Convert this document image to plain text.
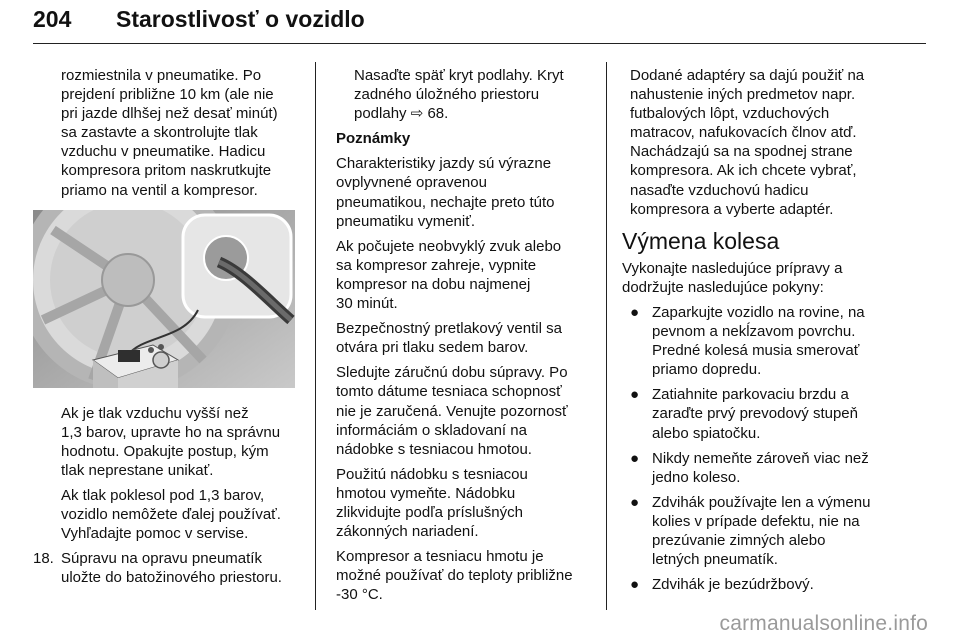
204 Starostlivosť o vozidlo

rozmiestnila v pneumatike. Po
prejdení približne 10 km (ale nie
pri jazde dlhšej než desať minút)
sa zastavte a skontrolujte tlak
vzduchu v pneumatike. Hadicu
kompresora pritom naskrutkujte
priamo na ventil a kompresor.

Ak je tlak vzduchu vyšší než
1,3 barov, upravte ho na správnu
hodnotu. Opakujte postup, kým
tlak neprestane unikať.

Ak tlak poklesol pod 1,3 barov,
vozidlo nemôžete ďalej používať.
Vyhľadajte pomoc v servise.

18. Súpravu na opravu pneumatík
uložte do batožinového priestoru.

Nasaďte späť kryt podlahy. Kryt
zadného úložného priestoru
podlahy ⇨ 68.

Poznámky

Charakteristiky jazdy sú výrazne
ovplyvnené opravenou
pneumatikou, nechajte preto túto
pneumatiku vymeniť.

Ak počujete neobvyklý zvuk alebo
sa kompresor zahreje, vypnite
kompresor na dobu najmenej
30 minút.

Bezpečnostný pretlakový ventil sa
otvára pri tlaku sedem barov.

Sledujte záručnú dobu súpravy. Po
tomto dátume tesniaca schopnosť
nie je zaručená. Venujte pozornosť
informáciám o skladovaní na
nádobke s tesniacou hmotou.

Použitú nádobku s tesniacou
hmotou vymeňte. Nádobku
zlikvidujte podľa príslušných
zákonných nariadení.

Kompresor a tesniacu hmotu je
možné používať do teploty približne
-30 °C.

Dodané adaptéry sa dajú použiť na
nahustenie iných predmetov napr.
futbalových lôpt, vzduchových
matracov, nafukovacích člnov atď.
Nachádzajú sa na spodnej strane
kompresora. Ak ich chcete vybrať,
nasaďte vzduchovú hadicu
kompresora a vyberte adaptér.

Výmena kolesa

Vykonajte nasledujúce prípravy a
dodržujte nasledujúce pokyny:

● Zaparkujte vozidlo na rovine, na
pevnom a nekĺzavom povrchu.
Predné kolesá musia smerovať
priamo dopredu.
● Zatiahnite parkovaciu brzdu a
zaraďte prvý prevodový stupeň
alebo spiatočku.
● Nikdy nemeňte zároveň viac než
jedno koleso.
● Zdvihák používajte len a výmenu
kolies v prípade defektu, nie na
prezúvanie zimných alebo
letných pneumatík.
● Zdvihák je bezúdržbový.
carmanualsonline.info
